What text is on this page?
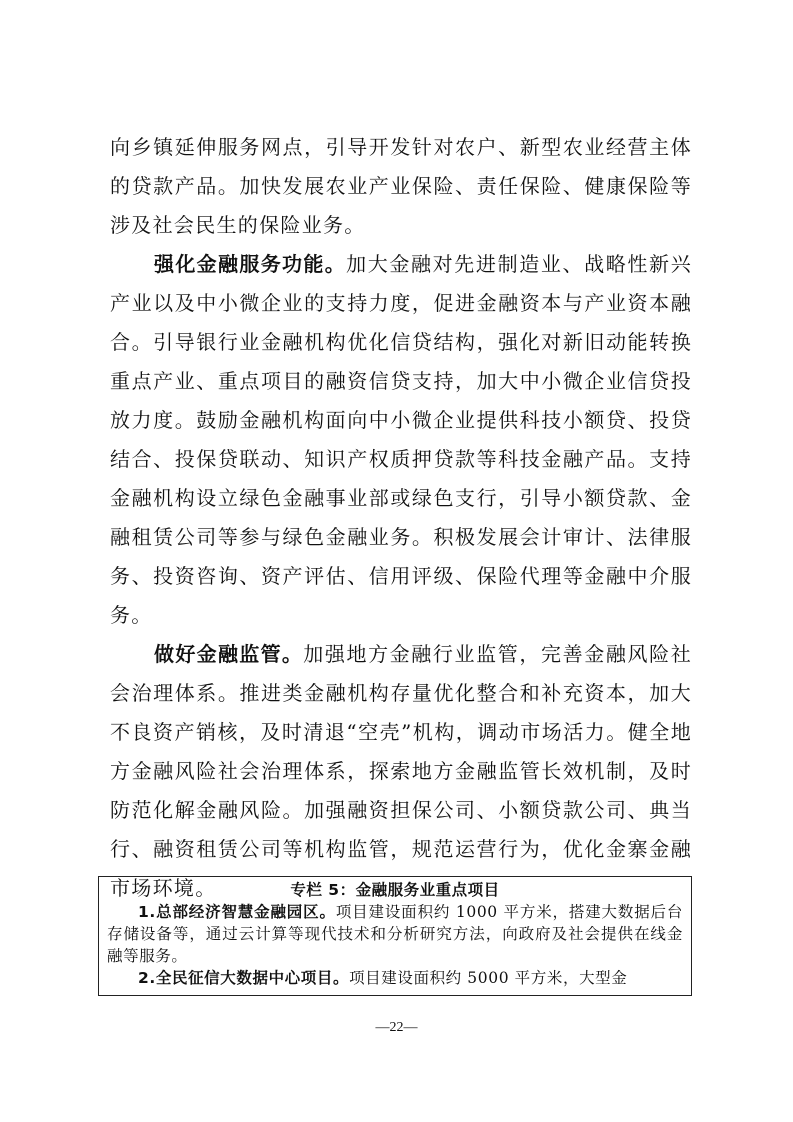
向乡镇延伸服务网点，引导开发针对农户、新型农业经营主体的贷款产品。加快发展农业产业保险、责任保险、健康保险等涉及社会民生的保险业务。

强化金融服务功能。加大金融对先进制造业、战略性新兴产业以及中小微企业的支持力度，促进金融资本与产业资本融合。引导银行业金融机构优化信贷结构，强化对新旧动能转换重点产业、重点项目的融资信贷支持，加大中小微企业信贷投放力度。鼓励金融机构面向中小微企业提供科技小额贷、投贷结合、投保贷联动、知识产权质押贷款等科技金融产品。支持金融机构设立绿色金融事业部或绿色支行，引导小额贷款、金融租赁公司等参与绿色金融业务。积极发展会计审计、法律服务、投资咨询、资产评估、信用评级、保险代理等金融中介服务。

做好金融监管。加强地方金融行业监管，完善金融风险社会治理体系。推进类金融机构存量优化整合和补充资本，加大不良资产销核，及时清退“空壳”机构，调动市场活力。健全地方金融风险社会治理体系，探索地方金融监管长效机制，及时防范化解金融风险。加强融资担保公司、小额贷款公司、典当行、融资租赁公司等机构监管，规范运营行为，优化金寨金融市场环境。	专栏 5：金融服务业重点项目

1.总部经济智慧金融园区。项目建设面积约 1000 平方米，搭建大数据后台存储设备等，通过云计算等现代技术和分析研究方法，向政府及社会提供在线金融等服务。

2.全民征信大数据中心项目。项目建设面积约 5000 平方米，大型金

—22—
